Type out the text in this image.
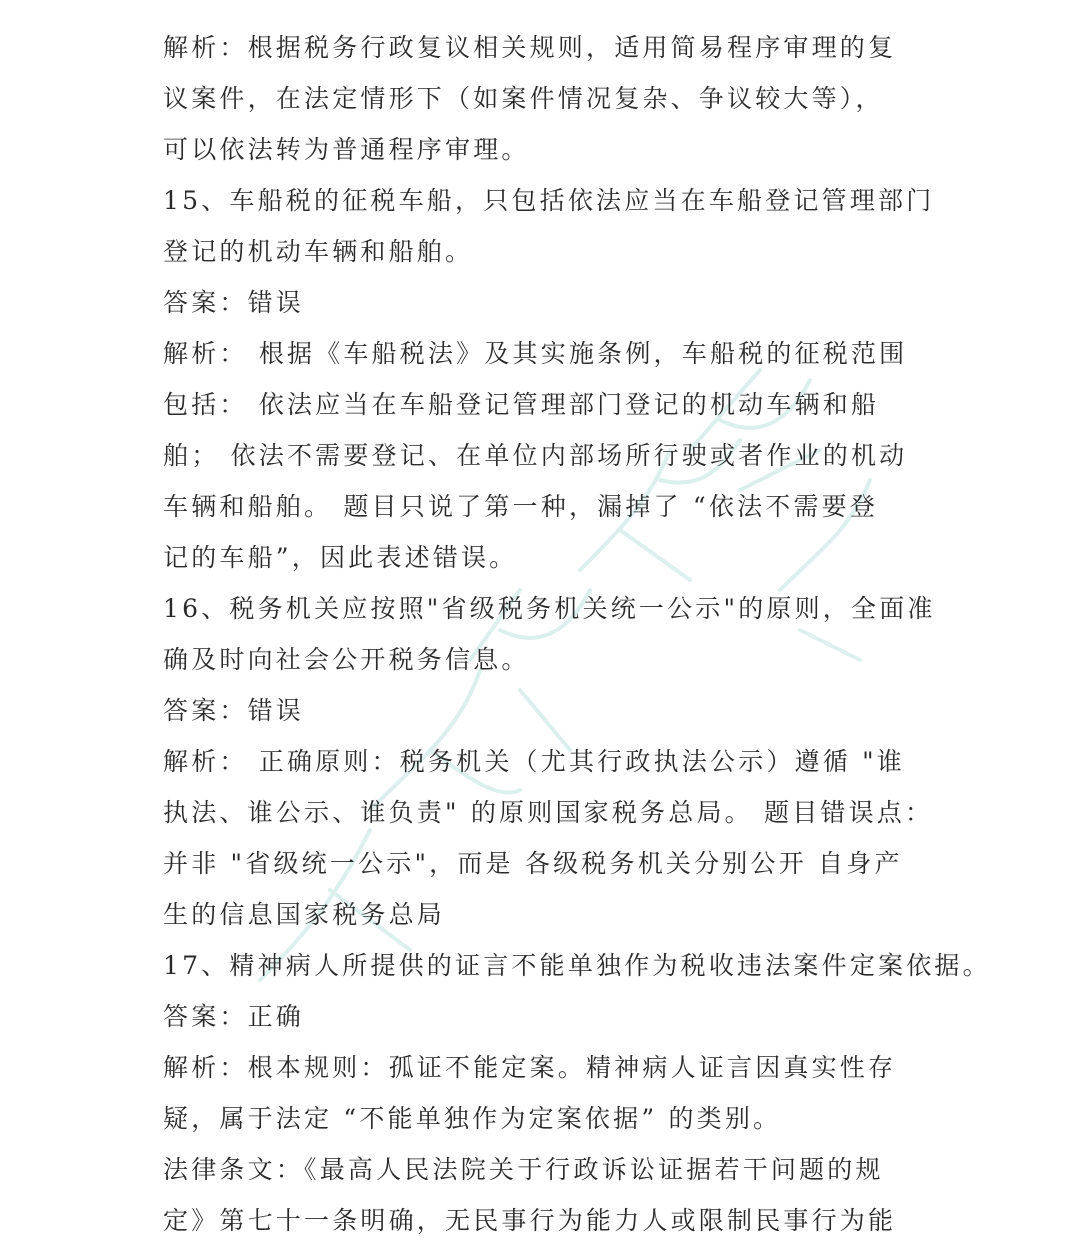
解析：根据税务行政复议相关规则，适用简易程序审理的复
议案件，在法定情形下（如案件情况复杂、争议较大等），
可以依法转为普通程序审理。
15、车船税的征税车船，只包括依法应当在车船登记管理部门
登记的机动车辆和船舶。
答案：错误
解析： 根据《车船税法》及其实施条例，车船税的征税范围
包括： 依法应当在车船登记管理部门登记的机动车辆和船
舶； 依法不需要登记、在单位内部场所行驶或者作业的机动
车辆和船舶。 题目只说了第一种，漏掉了 “依法不需要登
记的车船”，因此表述错误。
16、税务机关应按照"省级税务机关统一公示"的原则，全面准
确及时向社会公开税务信息。
答案：错误
解析： 正确原则：税务机关（尤其行政执法公示）遵循 "谁
执法、谁公示、谁负责" 的原则国家税务总局。 题目错误点：
并非 "省级统一公示"，而是 各级税务机关分别公开 自身产
生的信息国家税务总局
17、精神病人所提供的证言不能单独作为税收违法案件定案依据。
答案：正确
解析：根本规则：孤证不能定案。精神病人证言因真实性存
疑，属于法定 “不能单独作为定案依据” 的类别。
法律条文：《最高人民法院关于行政诉讼证据若干问题的规
定》第七十一条明确，无民事行为能力人或限制民事行为能
